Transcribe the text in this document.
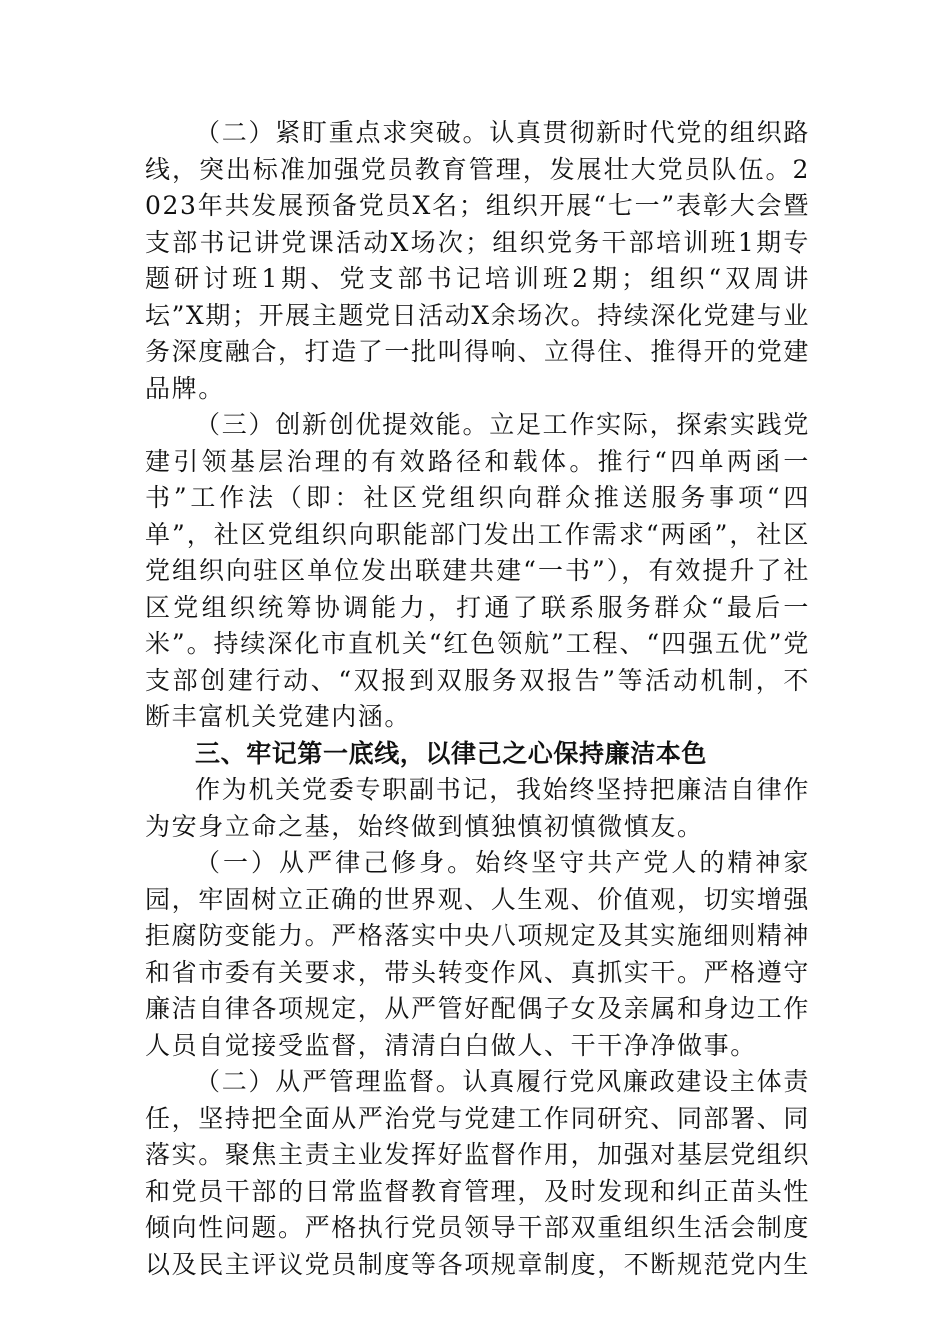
（二）紧盯重点求突破。认真贯彻新时代党的组织路线，突出标准加强党员教育管理，发展壮大党员队伍。2023年共发展预备党员X名；组织开展“七一”表彰大会暨支部书记讲党课活动X场次；组织党务干部培训班1期专题研讨班1期、党支部书记培训班2期；组织“双周讲坛”X期；开展主题党日活动X余场次。持续深化党建与业务深度融合，打造了一批叫得响、立得住、推得开的党建品牌。

（三）创新创优提效能。立足工作实际，探索实践党建引领基层治理的有效路径和载体。推行“四单两函一书”工作法（即：社区党组织向群众推送服务事项“四单”，社区党组织向职能部门发出工作需求“两函”，社区党组织向驻区单位发出联建共建“一书”），有效提升了社区党组织统筹协调能力，打通了联系服务群众“最后一米”。持续深化市直机关“红色领航”工程、“四强五优”党支部创建行动、“双报到双服务双报告”等活动机制，不断丰富机关党建内涵。

三、牢记第一底线，以律己之心保持廉洁本色

作为机关党委专职副书记，我始终坚持把廉洁自律作为安身立命之基，始终做到慎独慎初慎微慎友。

（一）从严律己修身。始终坚守共产党人的精神家园，牢固树立正确的世界观、人生观、价值观，切实增强拒腐防变能力。严格落实中央八项规定及其实施细则精神和省市委有关要求，带头转变作风、真抓实干。严格遵守廉洁自律各项规定，从严管好配偶子女及亲属和身边工作人员自觉接受监督，清清白白做人、干干净净做事。

（二）从严管理监督。认真履行党风廉政建设主体责任，坚持把全面从严治党与党建工作同研究、同部署、同落实。聚焦主责主业发挥好监督作用，加强对基层党组织和党员干部的日常监督教育管理，及时发现和纠正苗头性倾向性问题。严格执行党员领导干部双重组织生活会制度以及民主评议党员制度等各项规章制度，不断规范党内生
